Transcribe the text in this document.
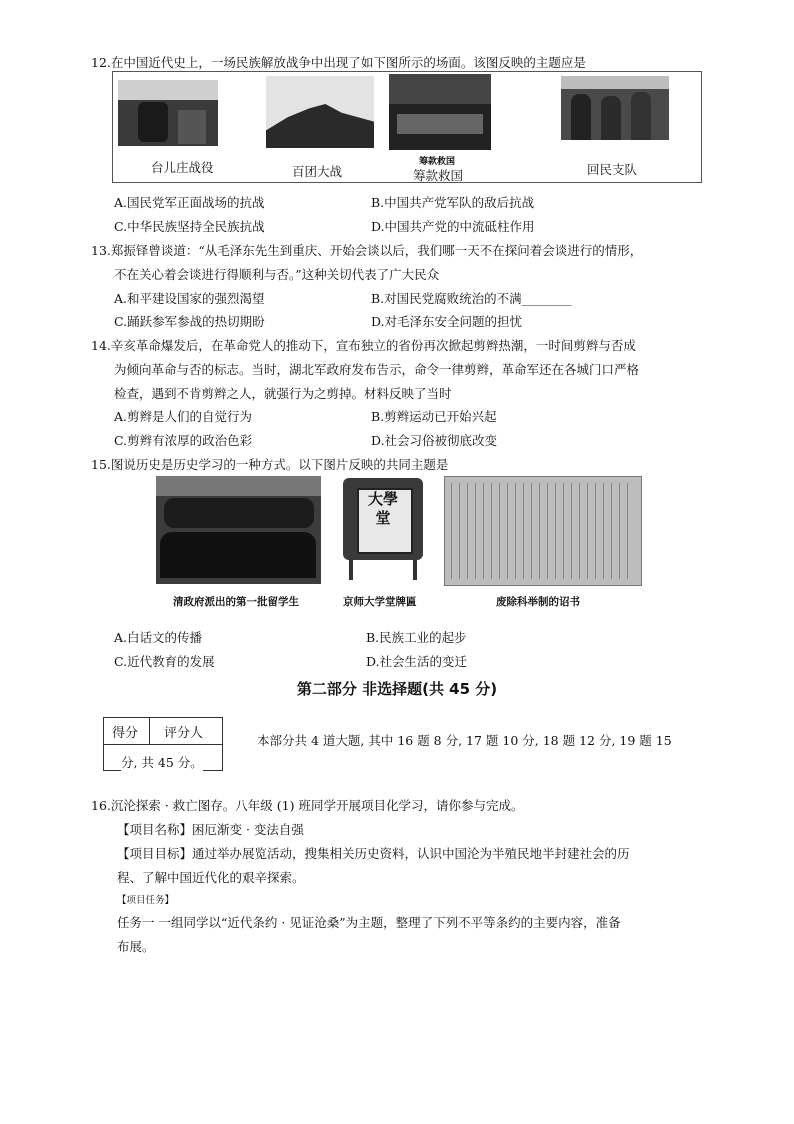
12.在中国近代史上，一场民族解放战争中出现了如下图所示的场面。该图反映的主题应是
筹款救国
台儿庄战役	百团大战	筹款救国	回民支队
A.国民党军正面战场的抗战	B.中国共产党军队的敌后抗战
C.中华民族坚持全民族抗战	D.中国共产党的中流砥柱作用
13.郑振铎曾谈道：“从毛泽东先生到重庆、开始会谈以后，我们哪一天不在探问着会谈进行的情形，
不在关心着会谈进行得顺利与否。”这种关切代表了广大民众
A.和平建设国家的强烈渴望	B.对国民党腐败统治的不满________
C.踊跃参军参战的热切期盼	D.对毛泽东安全问题的担忧
14.辛亥革命爆发后，在革命党人的推动下，宣布独立的省份再次掀起剪辫热潮，一时间剪辫与否成
为倾向革命与否的标志。当时，湖北军政府发布告示，命令一律剪辫，革命军还在各城门口严格
检查，遇到不肯剪辫之人，就强行为之剪掉。材料反映了当时
A.剪辫是人们的自觉行为	B.剪辫运动已开始兴起
C.剪辫有浓厚的政治色彩	D.社会习俗被彻底改变
15.图说历史是历史学习的一种方式。以下图片反映的共同主题是
大學堂
清政府派出的第一批留学生	京师大学堂牌匾	废除科举制的诏书
A.白话文的传播	B.民族工业的起步
C.近代教育的发展	D.社会生活的变迁
第二部分 非选择题(共 45 分)
得分 评分人	本部分共 4 道大题, 其中 16 题 8 分, 17 题 10 分, 18 题 12 分, 19 题 15
分, 共 45 分。
16.沉沦探索 · 救亡图存。八年级 (1) 班同学开展项目化学习，请你参与完成。
【项目名称】困厄渐变 · 变法自强
【项目目标】通过举办展览活动，搜集相关历史资料，认识中国沦为半殖民地半封建社会的历
程、了解中国近代化的艰辛探索。
【项目任务】
任务一 一组同学以“近代条约 · 见证沧桑”为主题，整理了下列不平等条约的主要内容，准备
布展。
